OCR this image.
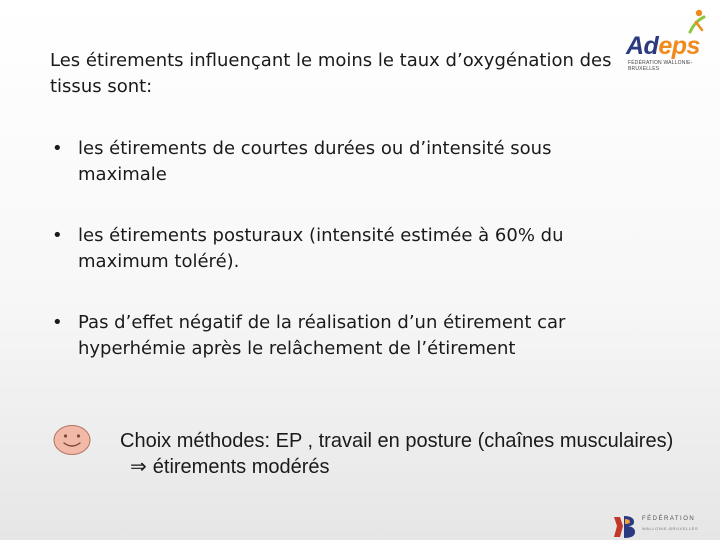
Adeps
FÉDÉRATION WALLONIE-BRUXELLES

Les étirements influençant le moins le taux d’oxygénation des tissus sont:

• les étirements de courtes durées ou d’intensité sous maximale
• les étirements posturaux (intensité estimée à 60% du maximum toléré).
• Pas d’effet négatif de la réalisation d’un étirement car hyperhémie après le relâchement de l’étirement

Choix méthodes: EP , travail en posture (chaînes musculaires)⇒ étirements modérés

FÉDÉRATION
WALLONIE-BRUXELLES
